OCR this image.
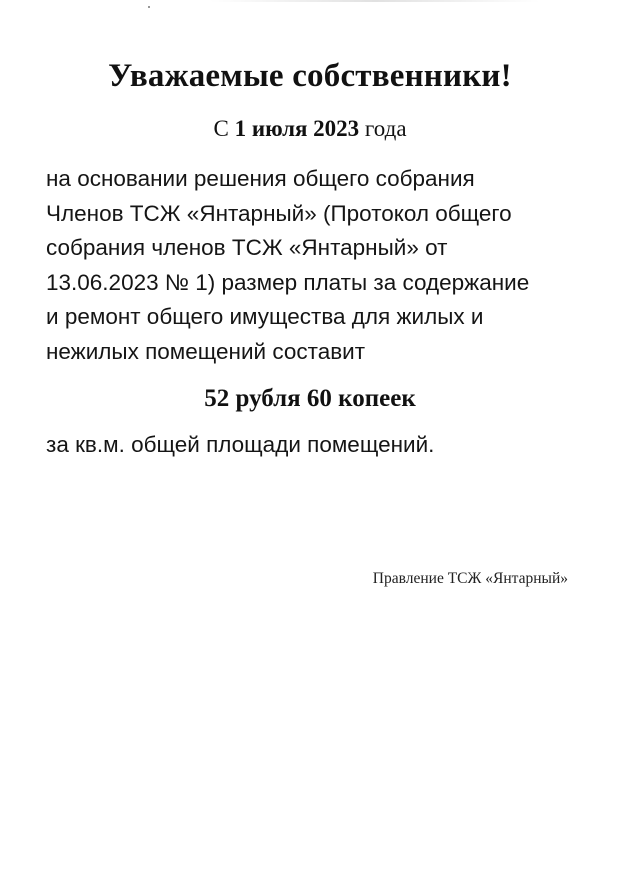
Уважаемые собственники!
С 1 июля 2023 года
на основании решения общего собрания
Членов ТСЖ «Янтарный» (Протокол общего
собрания членов ТСЖ «Янтарный» от
13.06.2023 № 1) размер платы за содержание
и ремонт общего имущества для жилых и
нежилых помещений составит
52 рубля 60 копеек
за кв.м. общей площади помещений.
Правление ТСЖ «Янтарный»
